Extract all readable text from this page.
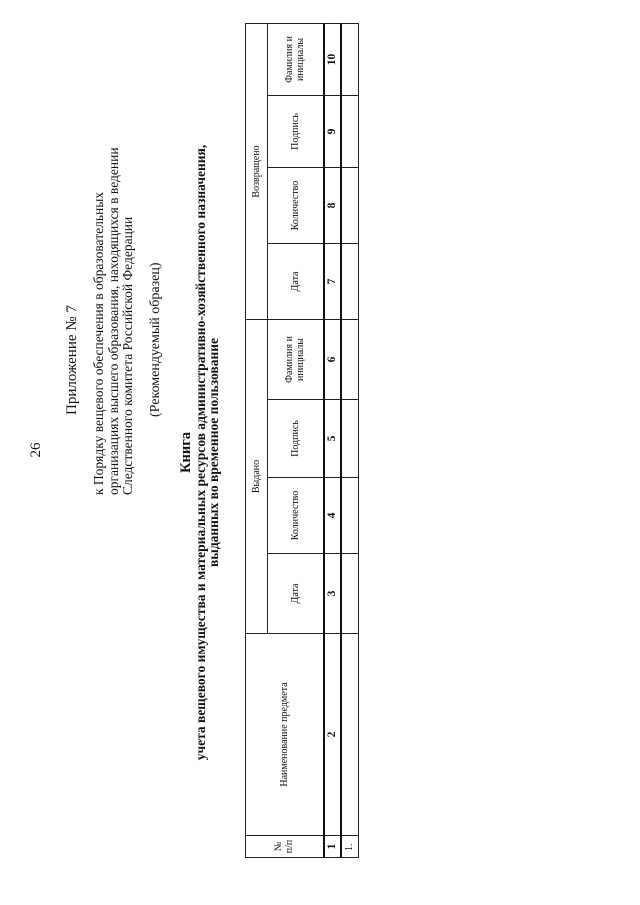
26
Приложение № 7 к Порядку вещевого обеспечения в образовательных организациях высшего образования, находящихся в ведении Следственного комитета Российской Федерации (Рекомендуемый образец)
Книга
учета вещевого имущества и материальных ресурсов административно-хозяйственного назначения,
выданных во временное пользование
№ п/п	Наименование предмета	Выдано				Возвращено			
		Дата	Количество	Подпись	Фамилия и инициалы	Дата	Количество	Подпись	Фамилия и инициалы
1	2	3	4	5	6	7	8	9	10
1.									
